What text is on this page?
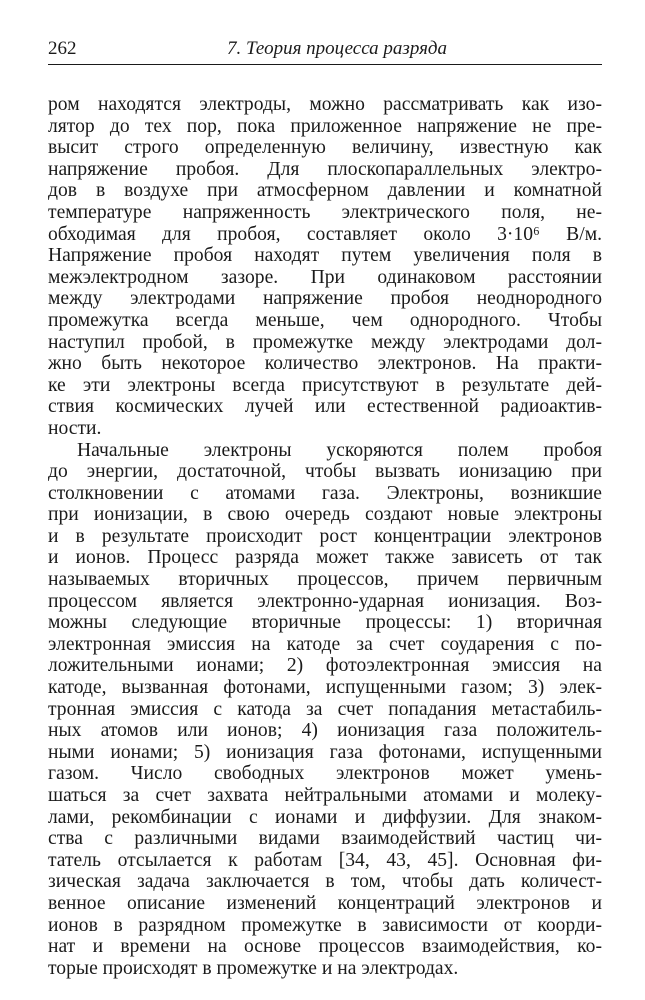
262	7. Теория процесса разряда
ром находятся электроды, можно рассматривать как изо-
лятор до тех пор, пока приложенное напряжение не пре-
высит строго определенную величину, известную как
напряжение пробоя. Для плоскопараллельных электро-
дов в воздухе при атмосферном давлении и комнатной
температуре напряженность электрического поля, не-
обходимая для пробоя, составляет около 3·10⁶ В/м.
Напряжение пробоя находят путем увеличения поля в
межэлектродном зазоре. При одинаковом расстоянии
между электродами напряжение пробоя неоднородного
промежутка всегда меньше, чем однородного. Чтобы
наступил пробой, в промежутке между электродами дол-
жно быть некоторое количество электронов. На практи-
ке эти электроны всегда присутствуют в результате дей-
ствия космических лучей или естественной радиоактив-
ности.
Начальные электроны ускоряются полем пробоя
до энергии, достаточной, чтобы вызвать ионизацию при
столкновении с атомами газа. Электроны, возникшие
при ионизации, в свою очередь создают новые электроны
и в результате происходит рост концентрации электронов
и ионов. Процесс разряда может также зависеть от так
называемых вторичных процессов, причем первичным
процессом является электронно-ударная ионизация. Воз-
можны следующие вторичные процессы: 1) вторичная
электронная эмиссия на катоде за счет соударения с по-
ложительными ионами; 2) фотоэлектронная эмиссия на
катоде, вызванная фотонами, испущенными газом; 3) элек-
тронная эмиссия с катода за счет попадания метастабиль-
ных атомов или ионов; 4) ионизация газа положитель-
ными ионами; 5) ионизация газа фотонами, испущенными
газом. Число свободных электронов может умень-
шаться за счет захвата нейтральными атомами и молеку-
лами, рекомбинации с ионами и диффузии. Для знаком-
ства с различными видами взаимодействий частиц чи-
татель отсылается к работам [34, 43, 45]. Основная фи-
зическая задача заключается в том, чтобы дать количест-
венное описание изменений концентраций электронов и
ионов в разрядном промежутке в зависимости от коорди-
нат и времени на основе процессов взаимодействия, ко-
торые происходят в промежутке и на электродах.
